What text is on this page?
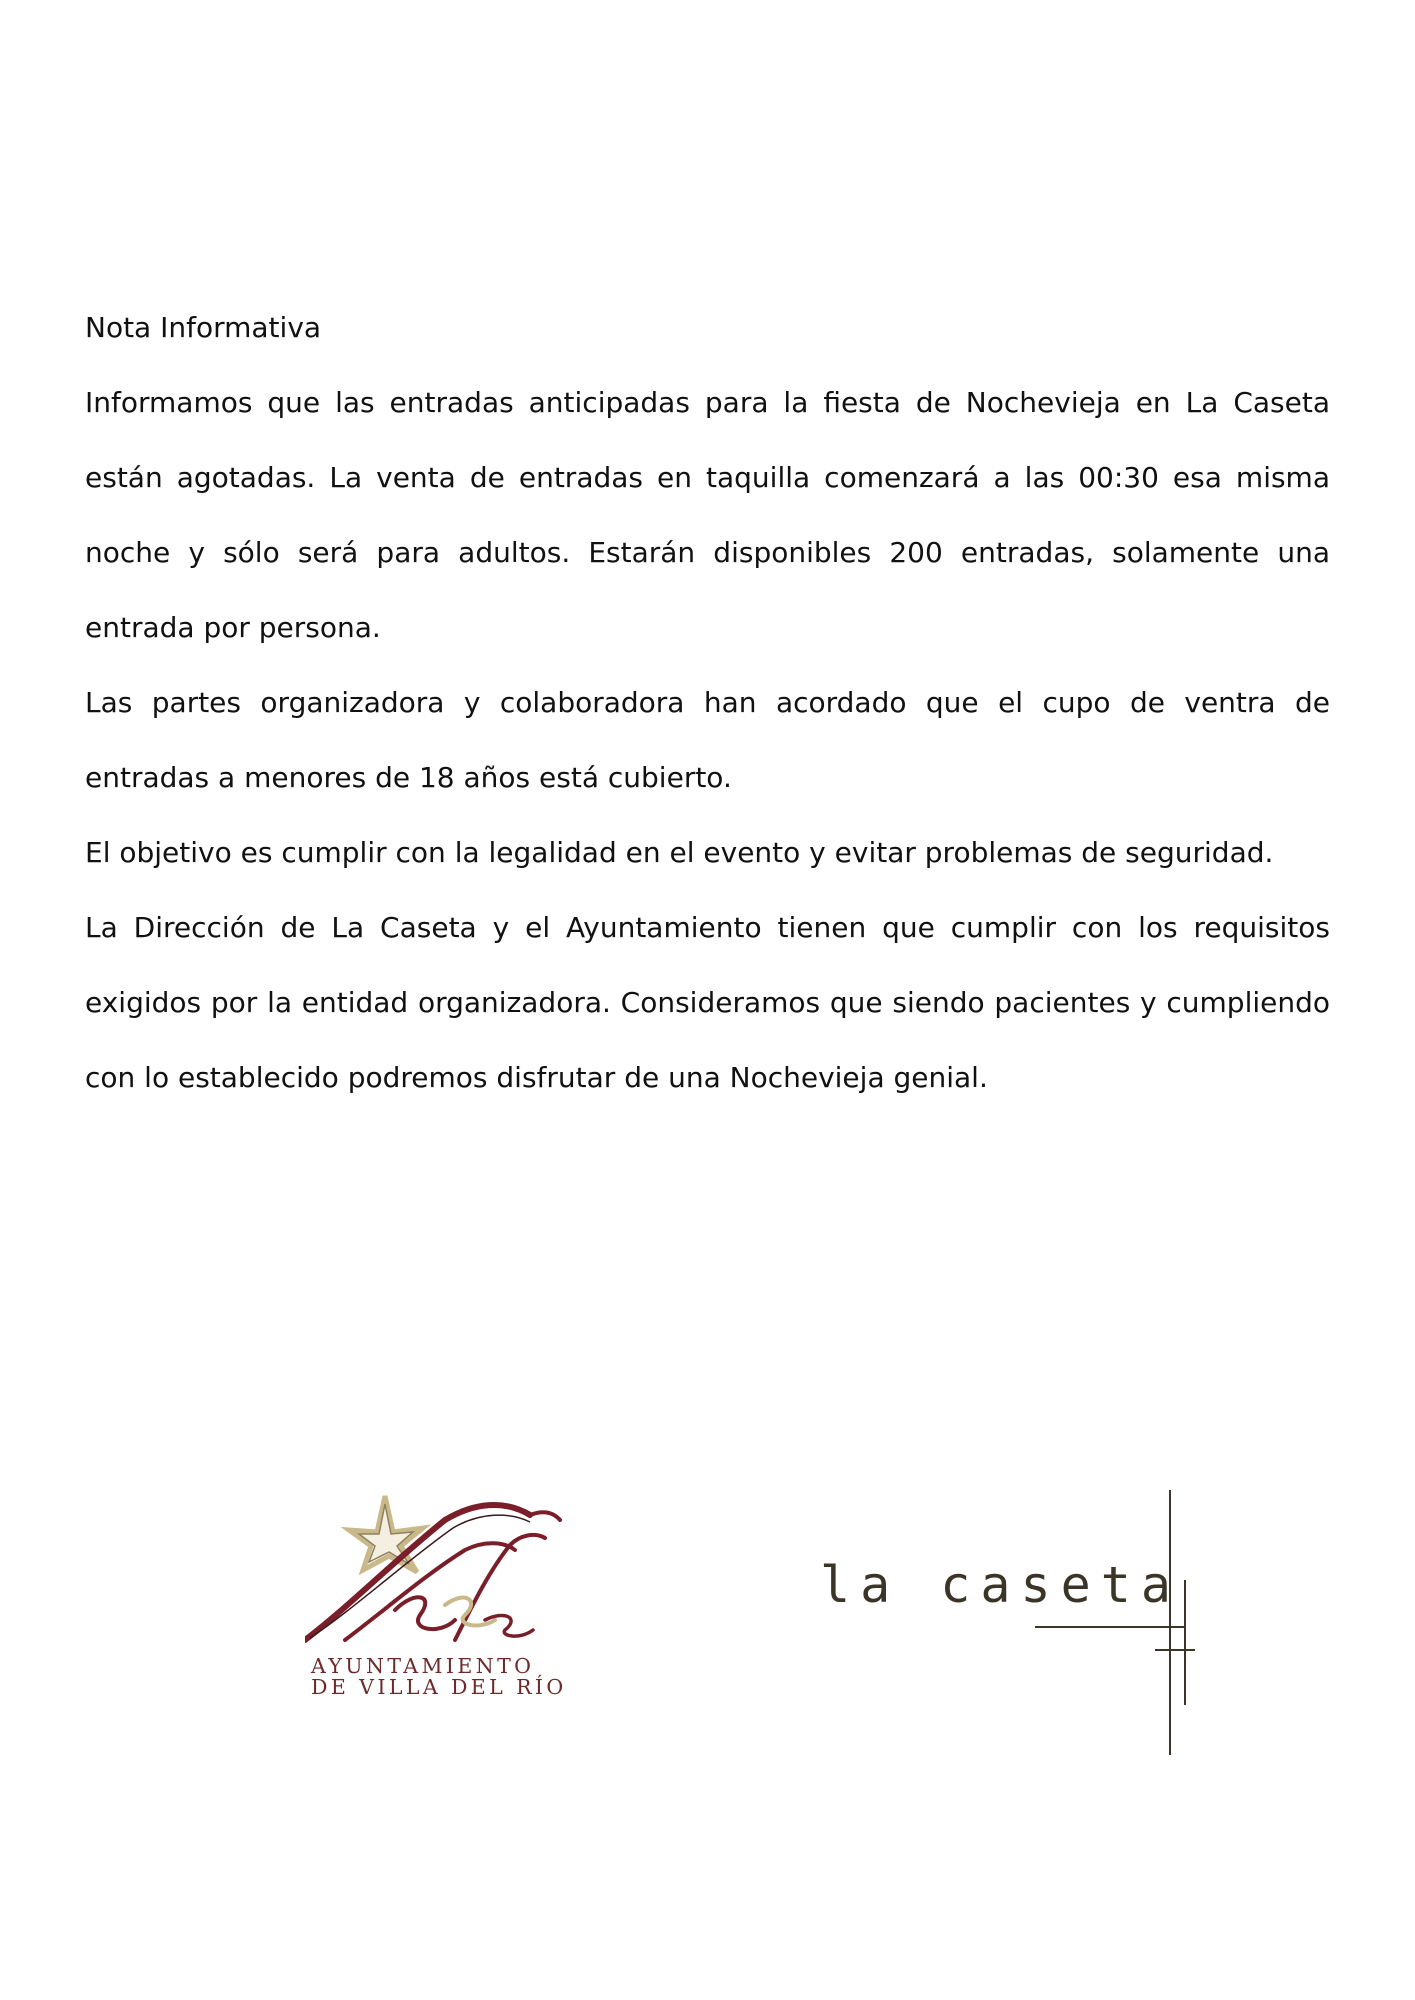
Nota Informativa

Informamos que las entradas anticipadas para la fiesta de Nochevieja en La Caseta están agotadas. La venta de entradas en taquilla comenzará a las 00:30 esa misma noche y sólo será para adultos. Estarán disponibles 200 entradas, solamente una entrada por persona.

Las partes organizadora y colaboradora han acordado que el cupo de ventra de entradas a menores de 18 años está cubierto.

El objetivo es cumplir con la legalidad en el evento y evitar problemas de seguridad.

La Dirección de La Caseta y el Ayuntamiento tienen que cumplir con los requisitos exigidos por la entidad organizadora. Consideramos que siendo pacientes y cumpliendo con lo establecido podremos disfrutar de una Nochevieja genial.

AYUNTAMIENTO
DE VILLA DEL RÍO
la caseta
